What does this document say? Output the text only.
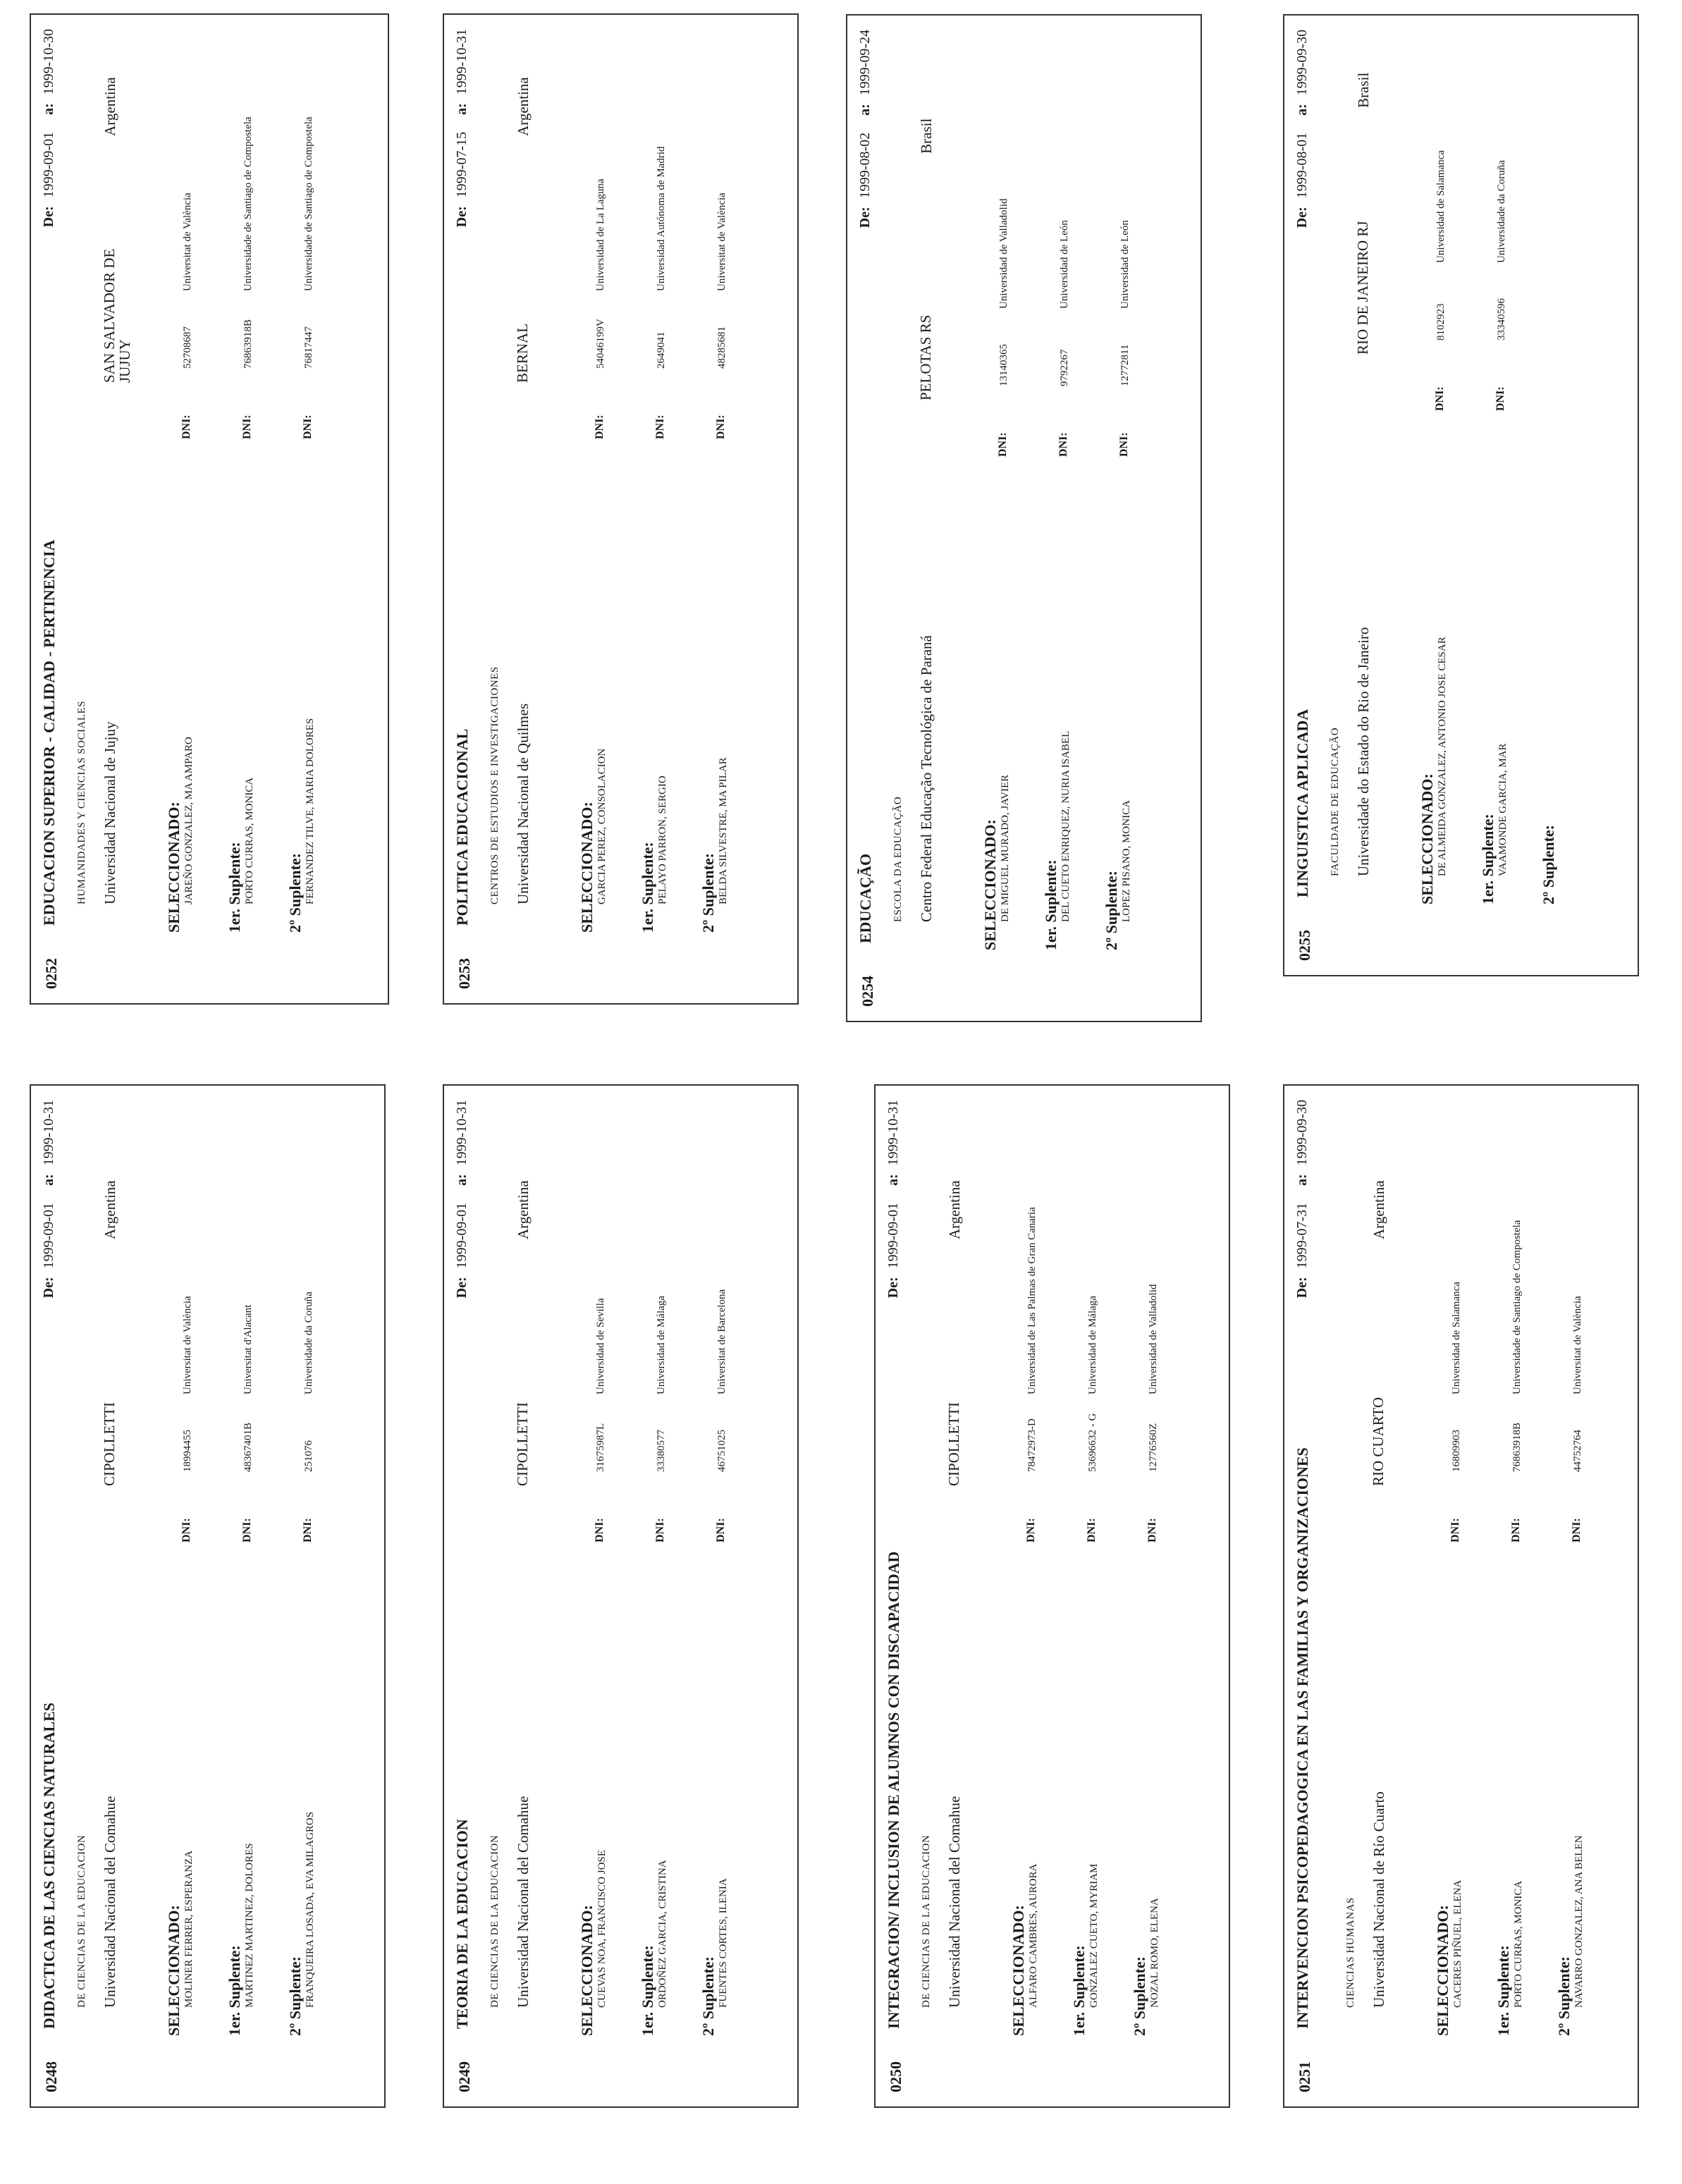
0248
DIDACTICA DE LAS CIENCIAS NATURALES
De:1999-09-01a:1999-10-31
DE CIENCIAS DE LA EDUCACION Universidad Nacional del Comahue
CIPOLLETTI
Argentina
SELECCIONADO: MOLINER FERRER, ESPERANZA
DNI:
18994455
Universitat de València
1er. Suplente: MARTINEZ MARTINEZ, DOLORES
DNI:
48367401B
Universitat d'Alacant
2º Suplente: FRANQUEIRA LOSADA, EVA MILAGROS
DNI:
251076
Universidade da Coruña
0249
TEORIA DE LA EDUCACION
De:1999-09-01a:1999-10-31
DE CIENCIAS DE LA EDUCACION Universidad Nacional del Comahue
CIPOLLETTI
Argentina
SELECCIONADO: CUEVAS NOA, FRANCISCO JOSE
DNI:
31675987L
Universidad de Sevilla
1er. Suplente: ORDOÑEZ GARCIA, CRISTINA
DNI:
33380577
Universidad de Málaga
2º Suplente: FUENTES CORTES, ILENIA
DNI:
46751025
Universitat de Barcelona
0250
INTEGRACION/ INCLUSION DE ALUMNOS CON DISCAPACIDAD
De:1999-09-01a:1999-10-31
DE CIENCIAS DE LA EDUCACION Universidad Nacional del Comahue
CIPOLLETTI
Argentina
SELECCIONADO: ALFARO CAMBRES, AURORA
DNI:
78472973-D
Universidad de Las Palmas de Gran Canaria
1er. Suplente: GONZALEZ CUETO, MYRIAM
DNI:
53696632 - G
Universidad de Málaga
2º Suplente: NOZAL ROMO, ELENA
DNI:
12776560Z
Universidad de Valladolid
0251
INTERVENCION PSICOPEDAGOGICA EN LAS FAMILIAS Y ORGANIZACIONES
De:1999-07-31a:1999-09-30
CIENCIAS HUMANAS Universidad Nacional de Río Cuarto
RIO CUARTO
Argentina
SELECCIONADO: CACERES PIÑUEL, ELENA
DNI:
16809903
Universidad de Salamanca
1er. Suplente: PORTO CURRAS, MONICA
DNI:
76863918B
Universidade de Santiago de Compostela
2º Suplente: NAVARRO GONZALEZ, ANA BELEN
DNI:
44752764
Universitat de València
0252
EDUCACION SUPERIOR - CALIDAD - PERTINENCIA
De:1999-09-01a:1999-10-30
HUMANIDADES Y CIENCIAS SOCIALES Universidad Nacional de Jujuy
SAN SALVADOR DE JUJUY
Argentina
SELECCIONADO: JAREÑO GONZALEZ, MA AMPARO
DNI:
52708687
Universitat de València
1er. Suplente: PORTO CURRAS, MONICA
DNI:
76863918B
Universidade de Santiago de Compostela
2º Suplente: FERNANDEZ TILVE, MARIA DOLORES
DNI:
76817447
Universidade de Santiago de Compostela
0253
POLITICA EDUCACIONAL
De:1999-07-15a:1999-10-31
CENTROS DE ESTUDIOS E INVESTIGACIONES Universidad Nacional de Quilmes
BERNAL
Argentina
SELECCIONADO: GARCIA PEREZ, CONSOLACION
DNI:
54046199V
Universidad de La Laguna
1er. Suplente: PELAYO PARRON, SERGIO
DNI:
2649041
Universidad Autónoma de Madrid
2º Suplente: BELDA SILVESTRE, MA PILAR
DNI:
48285681
Universitat de València
0254
EDUCAÇÃO
De:1999-08-02a:1999-09-24
ESCOLA DA EDUCAÇÃO Centro Federal Educação Tecnológica de Paraná
PELOTAS RS
Brasil
SELECCIONADO: DE MIGUEL MURADO, JAVIER
DNI:
13140365
Universidad de Valladolid
1er. Suplente: DEL CUETO ENRIQUEZ, NURIA ISABEL
DNI:
9792267
Universidad de León
2º Suplente: LOPEZ PISANO, MONICA
DNI:
12772811
Universidad de León
0255
LINGUISTICA APLICADA
De:1999-08-01a:1999-09-30
FACULDADE DE EDUCAÇÃO Universidade do Estado do Rio de Janeiro
RIO DE JANEIRO RJ
Brasil
SELECCIONADO: DE ALMEIDA GONZALEZ, ANTONIO JOSE CESAR
DNI:
8102923
Universidad de Salamanca
1er. Suplente: VAAMONDE GARCIA, MAR
DNI:
33340596
Universidade da Coruña
2º Suplente:
